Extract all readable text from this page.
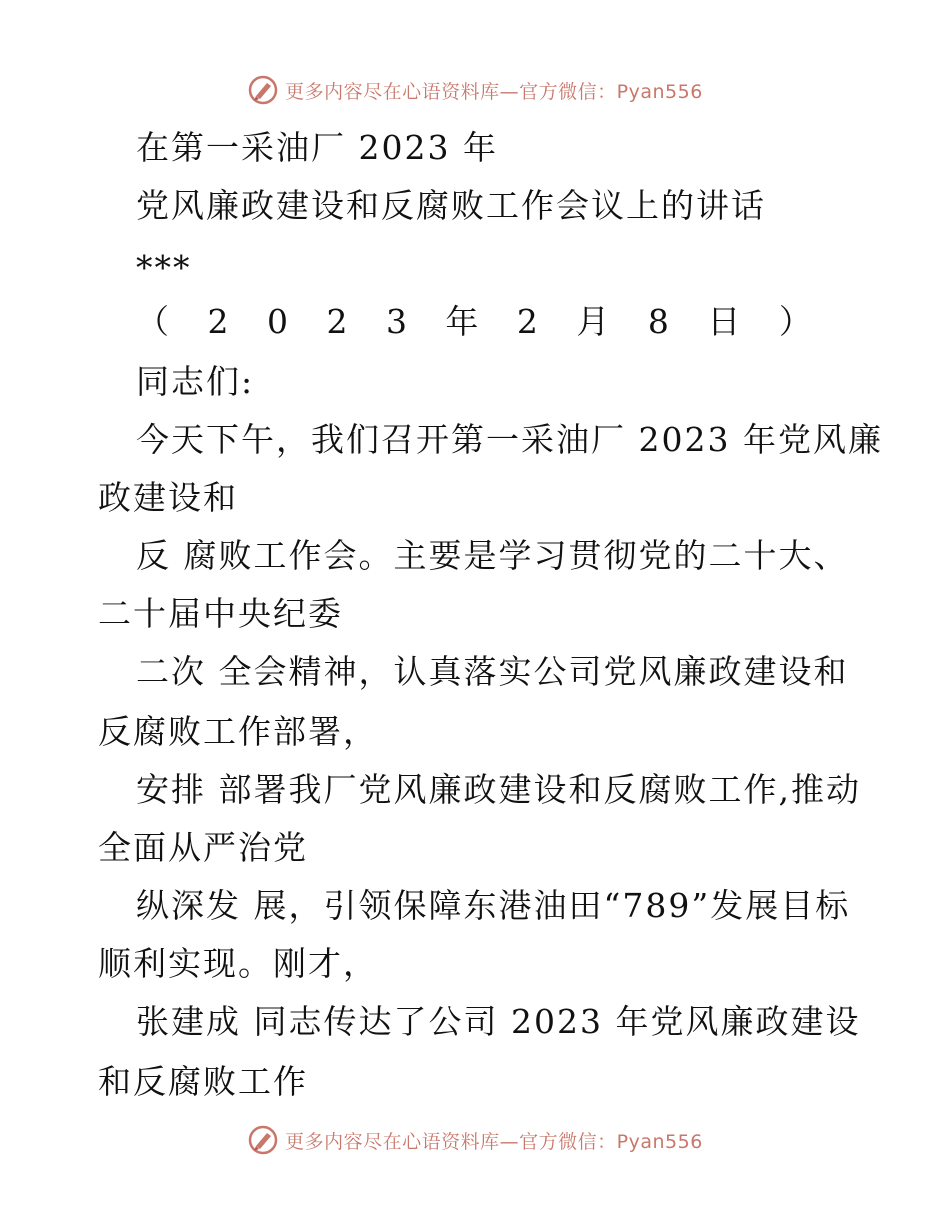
更多内容尽在心语资料库—官方微信：Pyan556
在第一采油厂 2023 年
党风廉政建设和反腐败工作会议上的讲话
***
（ 2 0 2 3 年 2 月 8 日 ）
同志们:
今天下午，我们召开第一采油厂 2023 年党风廉
政建设和
反 腐败工作会。主要是学习贯彻党的二十大、
二十届中央纪委
二次 全会精神，认真落实公司党风廉政建设和
反腐败工作部署，
安排 部署我厂党风廉政建设和反腐败工作,推动
全面从严治党
纵深发 展，引领保障东港油田“789”发展目标
顺利实现。刚才，
张建成 同志传达了公司 2023 年党风廉政建设
和反腐败工作
更多内容尽在心语资料库—官方微信：Pyan556
